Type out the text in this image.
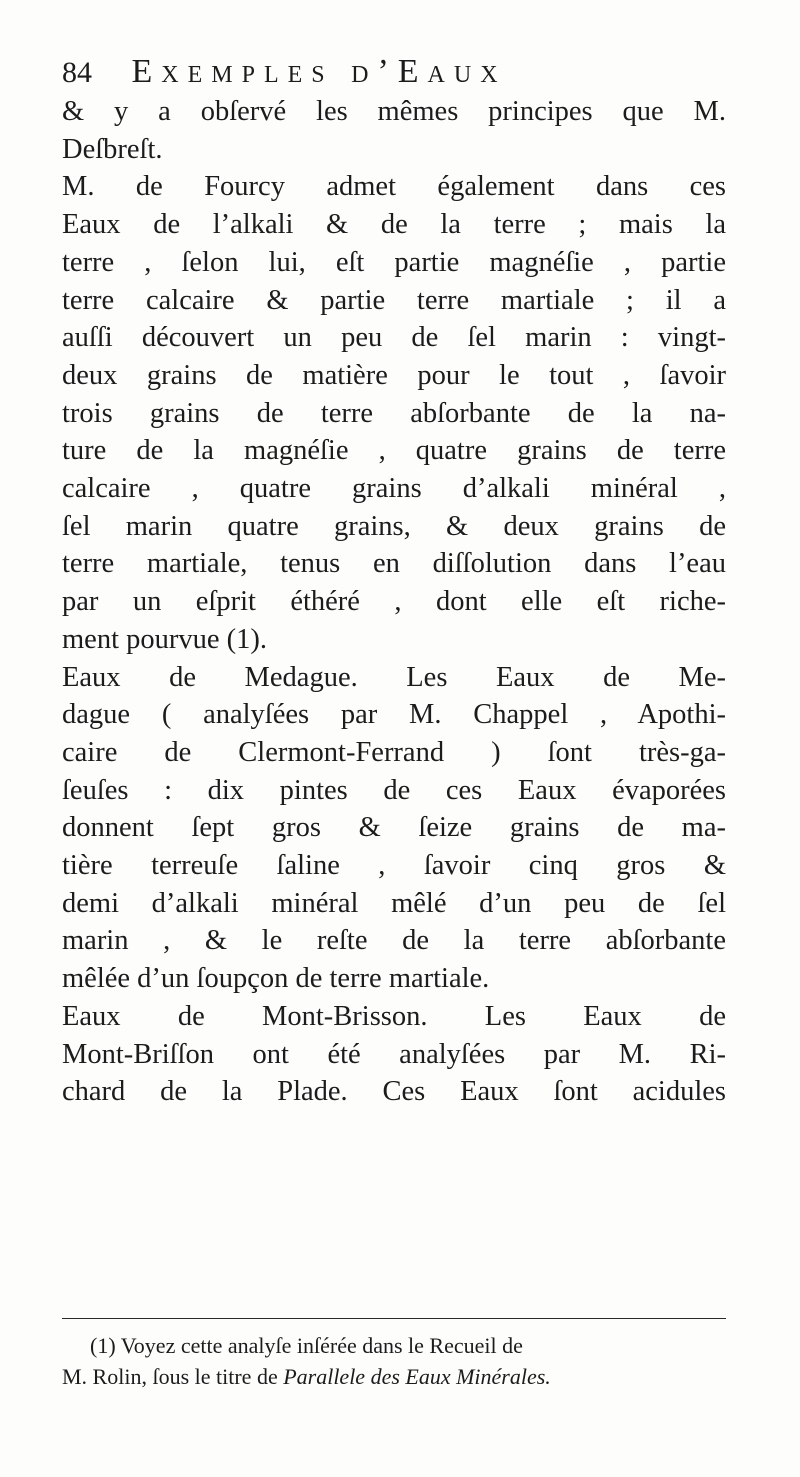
84 Exemples d’Eaux
& y a obſervé les mêmes principes que M.
Deſbreſt.
M. de Fourcy admet également dans ces
Eaux de l’alkali & de la terre ; mais la
terre , ſelon lui, eſt partie magnéſie , partie
terre calcaire & partie terre martiale ; il a
auſſi découvert un peu de ſel marin : vingt-
deux grains de matière pour le tout , ſavoir
trois grains de terre abſorbante de la na-
ture de la magnéſie , quatre grains de terre
calcaire , quatre grains d’alkali minéral ,
ſel marin quatre grains, & deux grains de
terre martiale, tenus en diſſolution dans l’eau
par un eſprit éthéré , dont elle eſt riche-
ment pourvue (1).
Eaux de Medague. Les Eaux de Me-
dague ( analyſées par M. Chappel , Apothi-
caire de Clermont-Ferrand ) ſont très-ga-
ſeuſes : dix pintes de ces Eaux évaporées
donnent ſept gros & ſeize grains de ma-
tière terreuſe ſaline , ſavoir cinq gros &
demi d’alkali minéral mêlé d’un peu de ſel
marin , & le reſte de la terre abſorbante
mêlée d’un ſoupçon de terre martiale.
Eaux de Mont-Brisson. Les Eaux de
Mont-Briſſon ont été analyſées par M. Ri-
chard de la Plade. Ces Eaux ſont acidules
(1) Voyez cette analyſe inſérée dans le Recueil de
M. Rolin, ſous le titre de Parallele des Eaux Minérales.
